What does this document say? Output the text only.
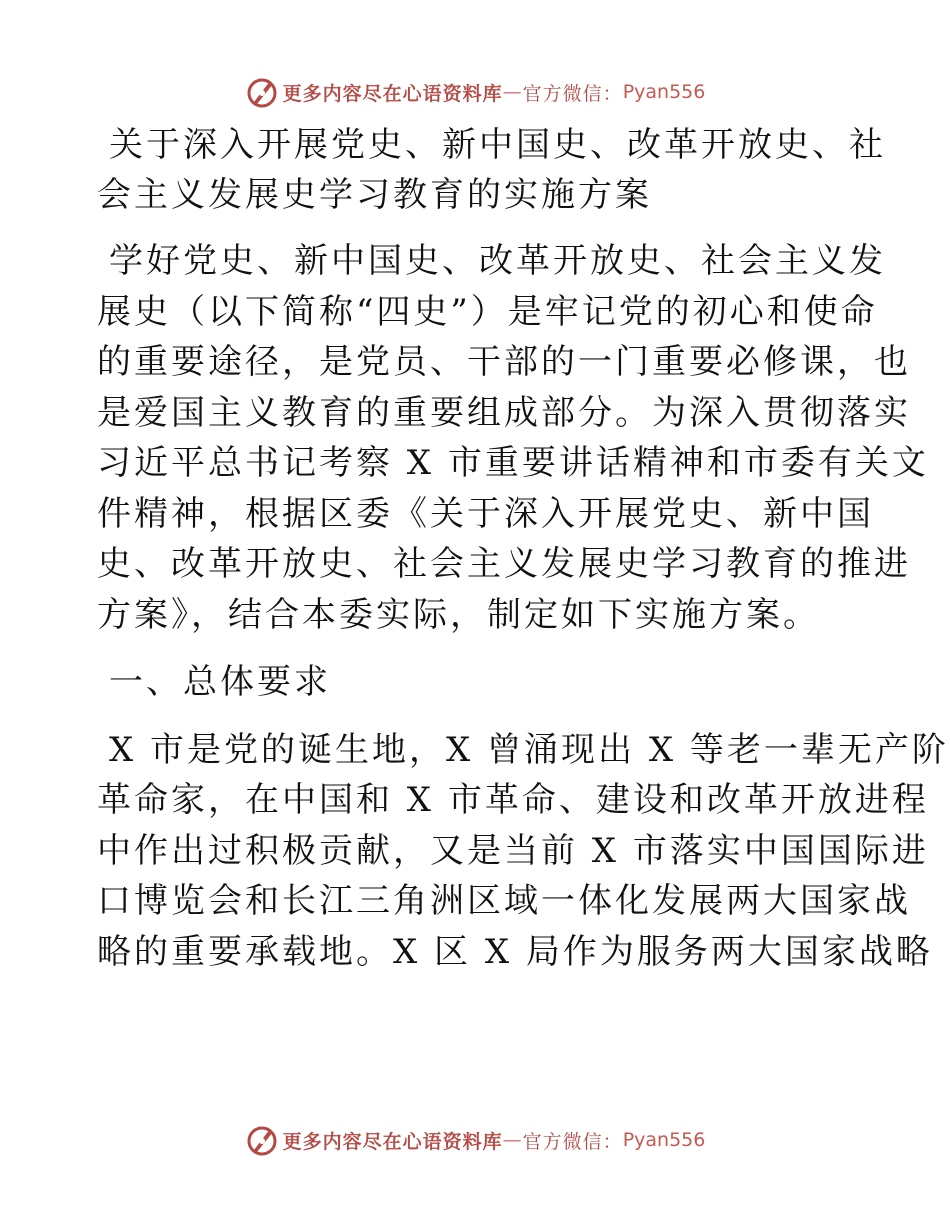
更多内容尽在心语资料库 — 官方微信： Pyan556
关于深入开展党史、新中国史、改革开放史、社
会主义发展史学习教育的实施方案

学好党史、新中国史、改革开放史、社会主义发
展史（以下简称“四史”）是牢记党的初心和使命
的重要途径，是党员、干部的一门重要必修课，也
是爱国主义教育的重要组成部分。为深入贯彻落实
习近平总书记考察 X 市重要讲话精神和市委有关文
件精神，根据区委《关于深入开展党史、新中国
史、改革开放史、社会主义发展史学习教育的推进
方案》，结合本委实际，制定如下实施方案。

一、总体要求

X 市是党的诞生地，X 曾涌现出 X 等老一辈无产阶
革命家，在中国和 X 市革命、建设和改革开放进程
中作出过积极贡献，又是当前 X 市落实中国国际进
口博览会和长江三角洲区域一体化发展两大国家战
略的重要承载地。X 区 X 局作为服务两大国家战略

更多内容尽在心语资料库 — 官方微信： Pyan556
